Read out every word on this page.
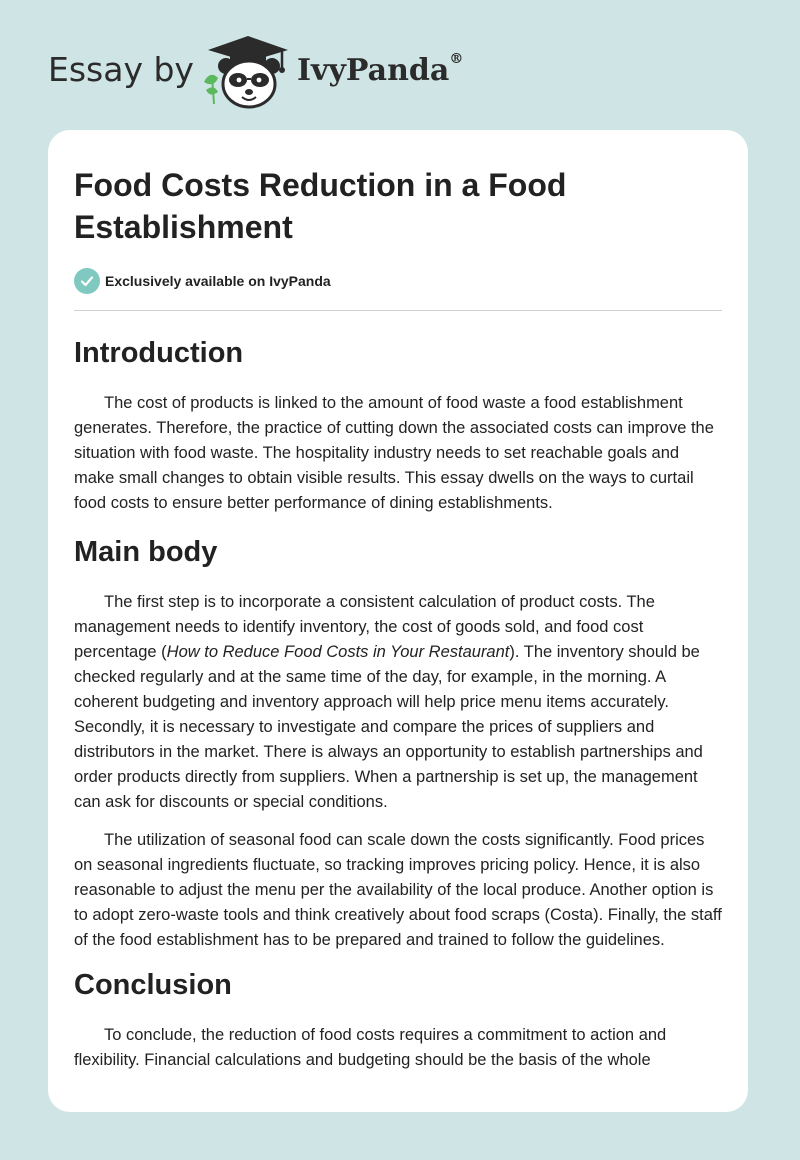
Essay by	IvyPanda®
Food Costs Reduction in a Food Establishment
Exclusively available on IvyPanda
Introduction

The cost of products is linked to the amount of food waste a food establishment generates. Therefore, the practice of cutting down the associated costs can improve the situation with food waste. The hospitality industry needs to set reachable goals and make small changes to obtain visible results. This essay dwells on the ways to curtail food costs to ensure better performance of dining establishments.

Main body

The first step is to incorporate a consistent calculation of product costs. The management needs to identify inventory, the cost of goods sold, and food cost percentage (How to Reduce Food Costs in Your Restaurant). The inventory should be checked regularly and at the same time of the day, for example, in the morning. A coherent budgeting and inventory approach will help price menu items accurately. Secondly, it is necessary to investigate and compare the prices of suppliers and distributors in the market. There is always an opportunity to establish partnerships and order products directly from suppliers. When a partnership is set up, the management can ask for discounts or special conditions.

The utilization of seasonal food can scale down the costs significantly. Food prices on seasonal ingredients fluctuate, so tracking improves pricing policy. Hence, it is also reasonable to adjust the menu per the availability of the local produce. Another option is to adopt zero-waste tools and think creatively about food scraps (Costa). Finally, the staff of the food establishment has to be prepared and trained to follow the guidelines.

Conclusion

To conclude, the reduction of food costs requires a commitment to action and flexibility. Financial calculations and budgeting should be the basis of the whole
